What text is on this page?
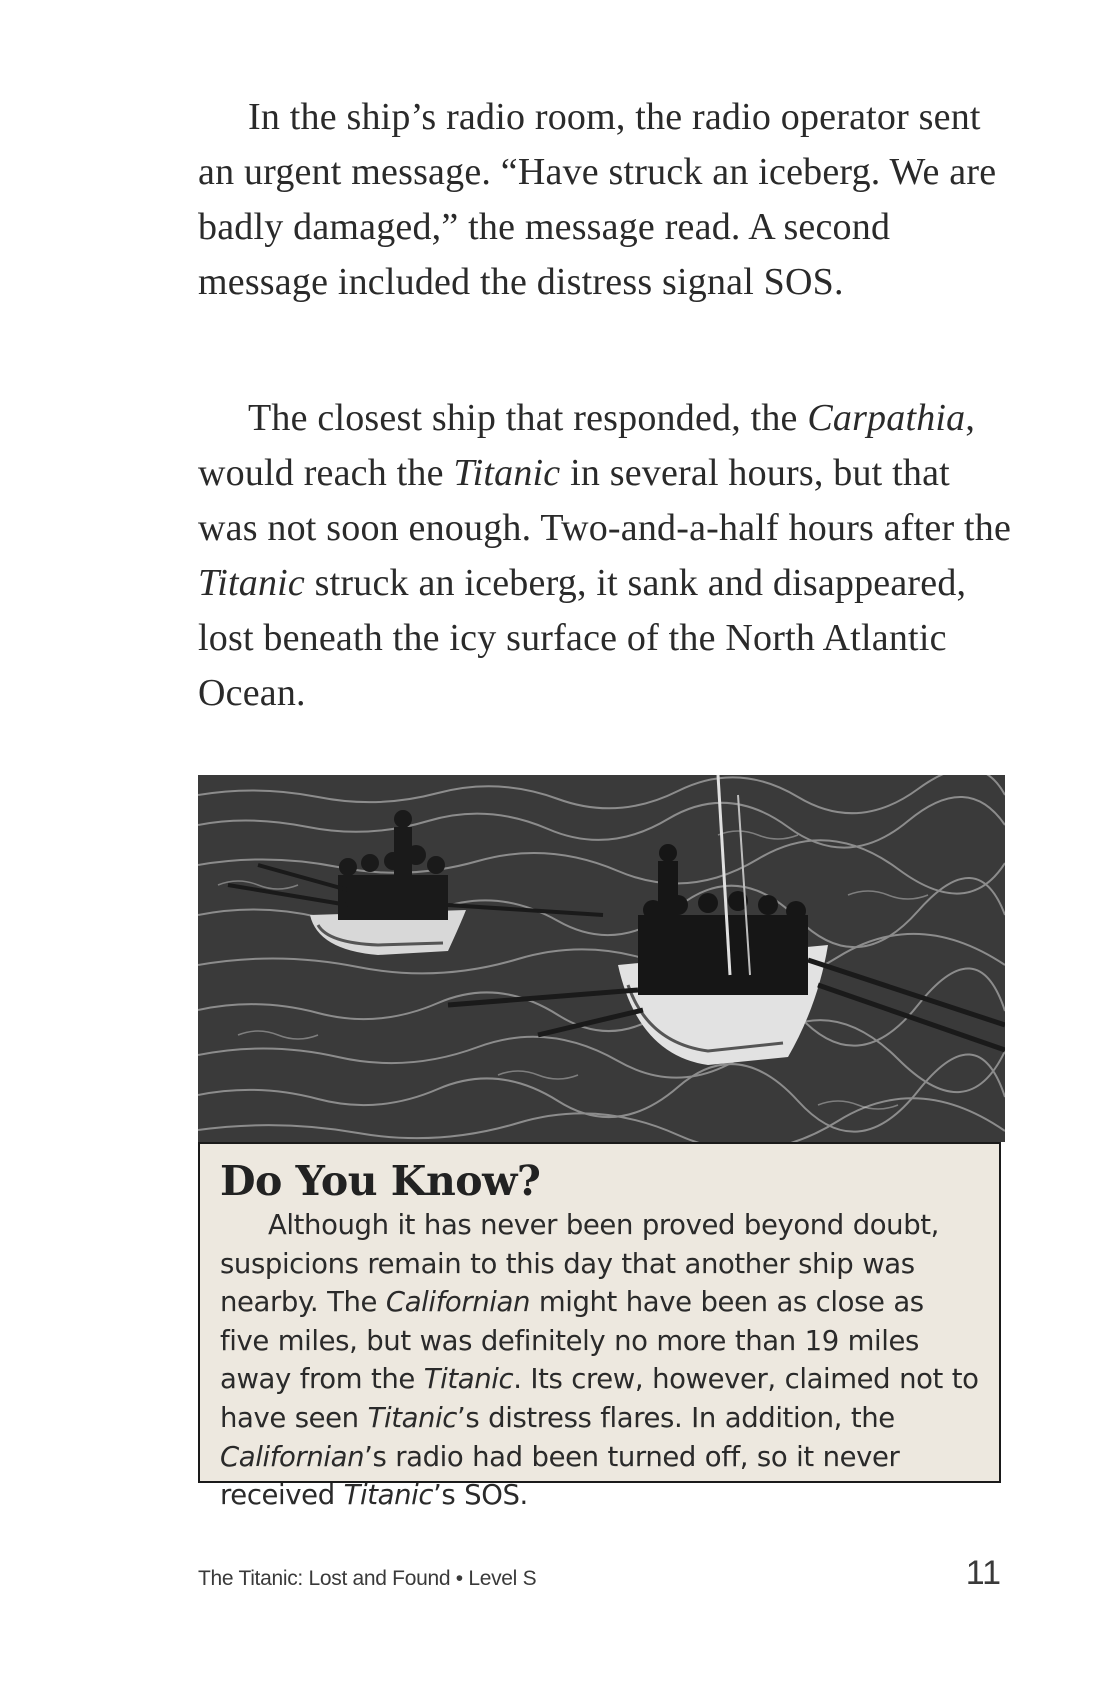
In the ship’s radio room, the radio operator sent an urgent message. “Have struck an iceberg. We are badly damaged,” the message read. A second message included the distress signal SOS.

The closest ship that responded, the Carpathia, would reach the Titanic in several hours, but that was not soon enough. Two-and-a-half hours after the Titanic struck an iceberg, it sank and disappeared, lost beneath the icy surface of the North Atlantic Ocean.

Do You Know?

Although it has never been proved beyond doubt, suspicions remain to this day that another ship was nearby. The Californian might have been as close as five miles, but was definitely no more than 19 miles away from the Titanic. Its crew, however, claimed not to have seen Titanic’s distress flares. In addition, the Californian’s radio had been turned off, so it never received Titanic’s SOS.

The Titanic: Lost and Found • Level S	11
